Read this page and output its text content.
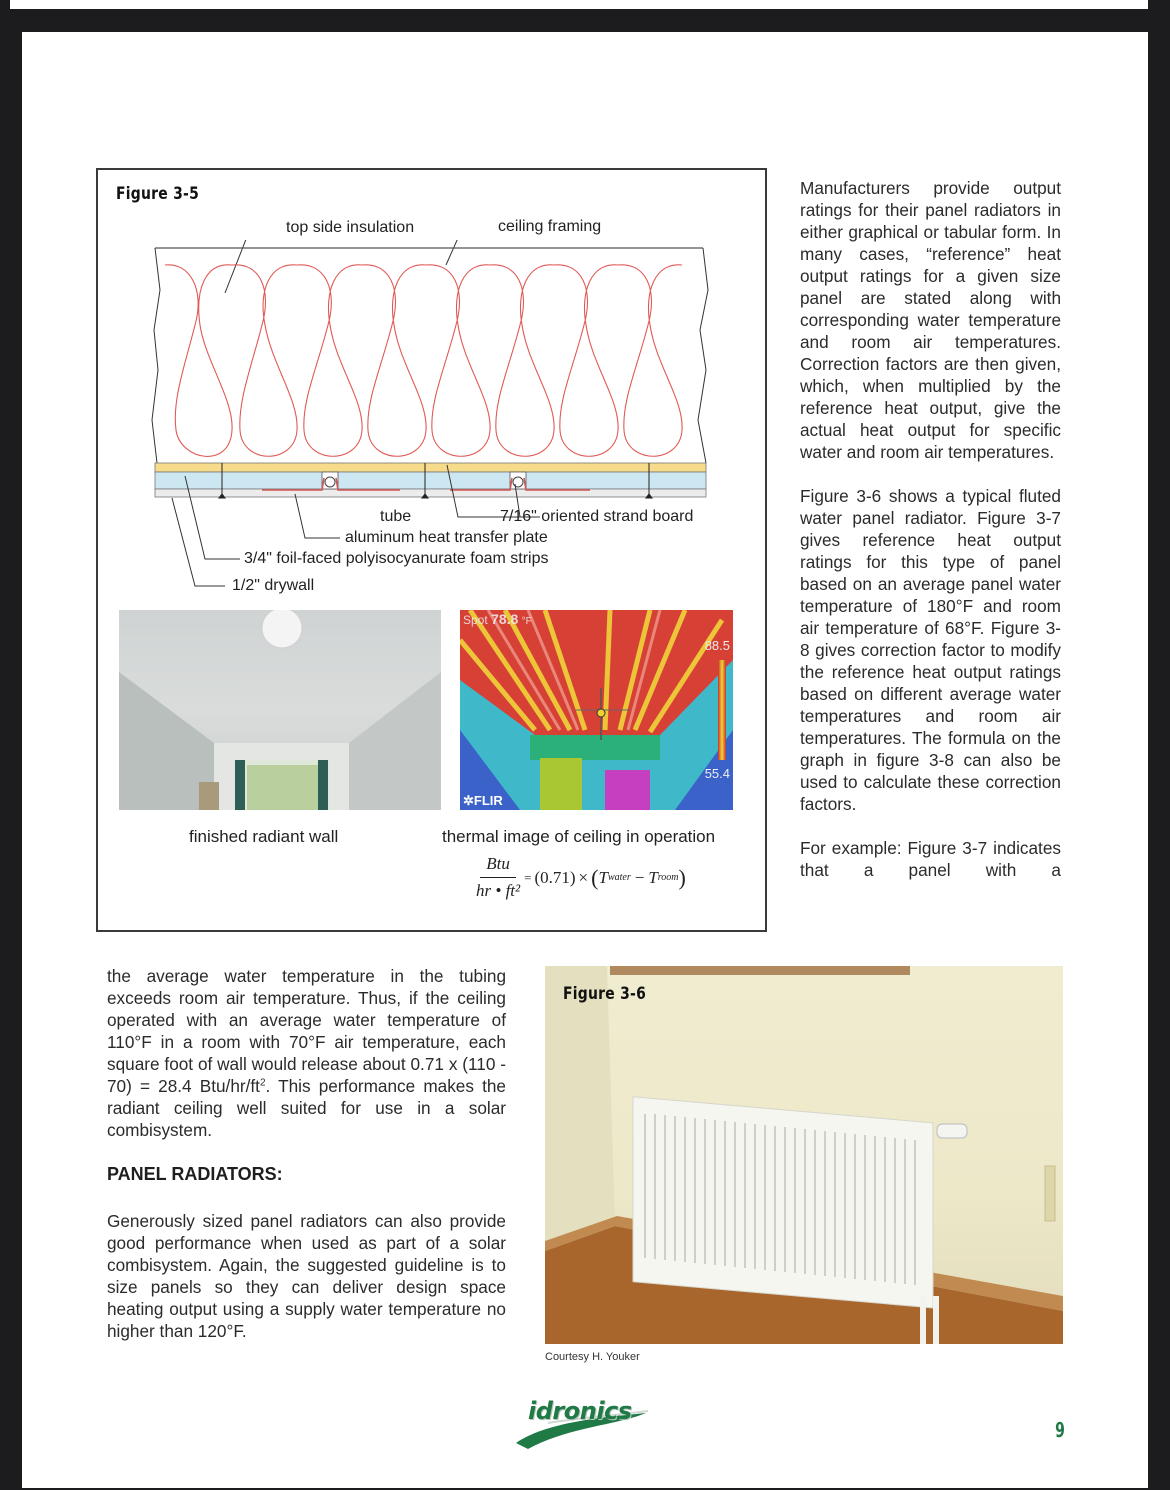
Figure 3-5
top side insulation	ceiling framing
tube	7/16" oriented strand board
aluminum heat transfer plate
3/4" foil-faced polyisocyanurate foam strips
1/2" drywall
Spot 78.8 °F
88.5
55.4
✲FLIR
finished radiant wall	thermal image of ceiling in operation
$\frac{\text{Btu}}{\text{hr • ft²}} = (0.71)$ × ( T water − T room )

Manufacturers provide output ratings for their panel radiators in either graphical or tabular form. In many cases, “reference” heat output ratings for a given size panel are stated along with corresponding water temperature and room air temperatures. Correction factors are then given, which, when multiplied by the reference heat output, give the actual heat output for specific water and room air temperatures.

Figure 3-6 shows a typical fluted water panel radiator. Figure 3-7 gives reference heat output ratings for this type of panel based on an average panel water temperature of 180°F and room air temperature of 68°F. Figure 3-8 gives correction factor to modify the reference heat output ratings based on different average water temperatures and room air temperatures. The formula on the graph in figure 3-8 can also be used to calculate these correction factors.

For example: Figure 3-7 indicates that a panel with a

the average water temperature in the tubing exceeds room air temperature. Thus, if the ceiling operated with an average water temperature of 110°F in a room with 70°F air temperature, each square foot of wall would release about 0.71 x (110 - 70) = 28.4 Btu/$hr/ft^2$. This performance makes the radiant ceiling well suited for use in a solar combisystem.

PANEL RADIATORS:

Generously sized panel radiators can also provide good performance when used as part of a solar combisystem. Again, the suggested guideline is to size panels so they can deliver design space heating output using a supply water temperature no higher than 120°F.

Figure 3-6
Courtesy H. Youker
idronics
9
